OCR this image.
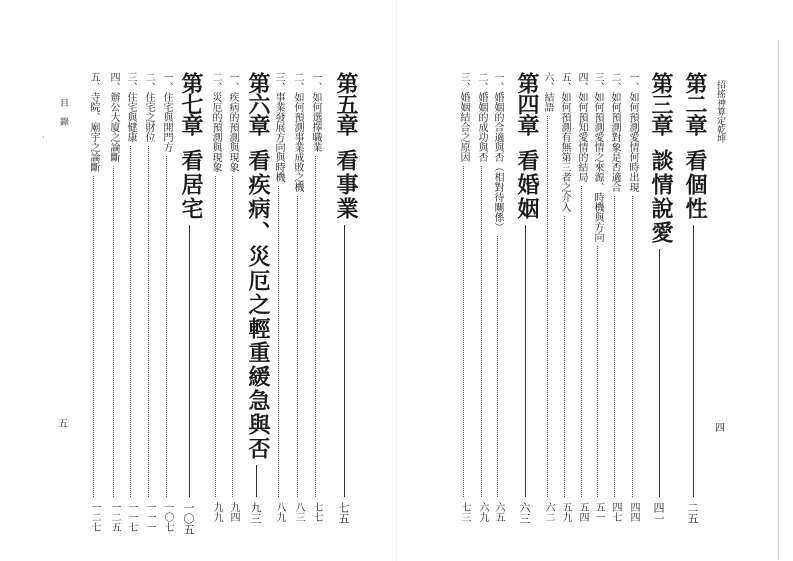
目 錄
五
、	五、寺院、廟宇之論斷
一二七
四、辦公大廈之論斷
一二五
三、住宅與健康
一一七
二、住宅之財位
一一一
一、住宅與開門方
一〇七
第七章看居宅
一〇五
二、災厄的預測與現象
九九
一、疾病的預測與現象
九四
第六章看疾病、災厄之輕重緩急與否
九三
三、事業發展方向與時機
八九
二、如何預測事業成敗之機
八三
一、如何選擇職業
七七
第五章看事業
七五
招搖神算定乾坤
四
三、婚姻結合之原因
七三
二、婚姻的成功與否
六九
一、婚姻的合適與否（相對待關係）
六五
第四章看婚姻
六三
六、結語
六二
五、如何預測有無第三者之介入
五九
四、如何預知愛情的結局
五四
三、如何預測愛情之來源、時機與方向
五一
二、如何預測對象是否適合
四七
一、如何預測愛情何時出現
四四
第三章談情說愛
四一
第二章看個性
二五
